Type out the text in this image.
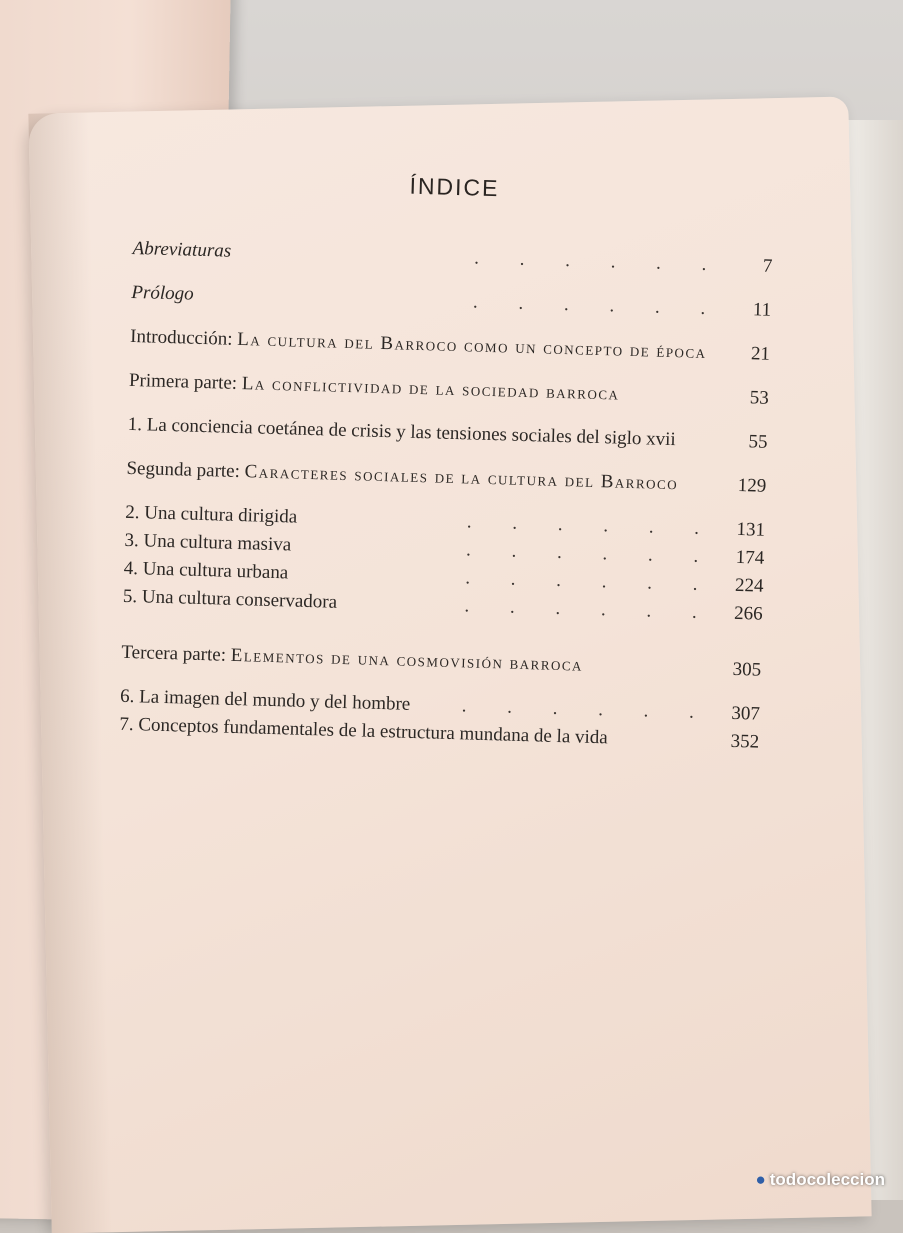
ÍNDICE
Abreviaturas	. . . . . .	7
Prólogo	. . . . . .	11
Introducción: La cultura del Barroco como un concepto de época	21
Primera parte: La conflictividad de la sociedad barroca	53
1. La conciencia coetánea de crisis y las tensiones sociales del siglo xvii	55
Segunda parte: Caracteres sociales de la cultura del Barroco	129
2. Una cultura dirigida	. . . . . . 131
3. Una cultura masiva	. . . . . . 174
4. Una cultura urbana	. . . . . . 224
5. Una cultura conservadora	. . . . . . 266
Tercera parte: Elementos de una cosmovisión barroca	305
6. La imagen del mundo y del hombre	. . . . . . 307
7. Conceptos fundamentales de la estructura mundana de la vida	352
● todocoleccion
